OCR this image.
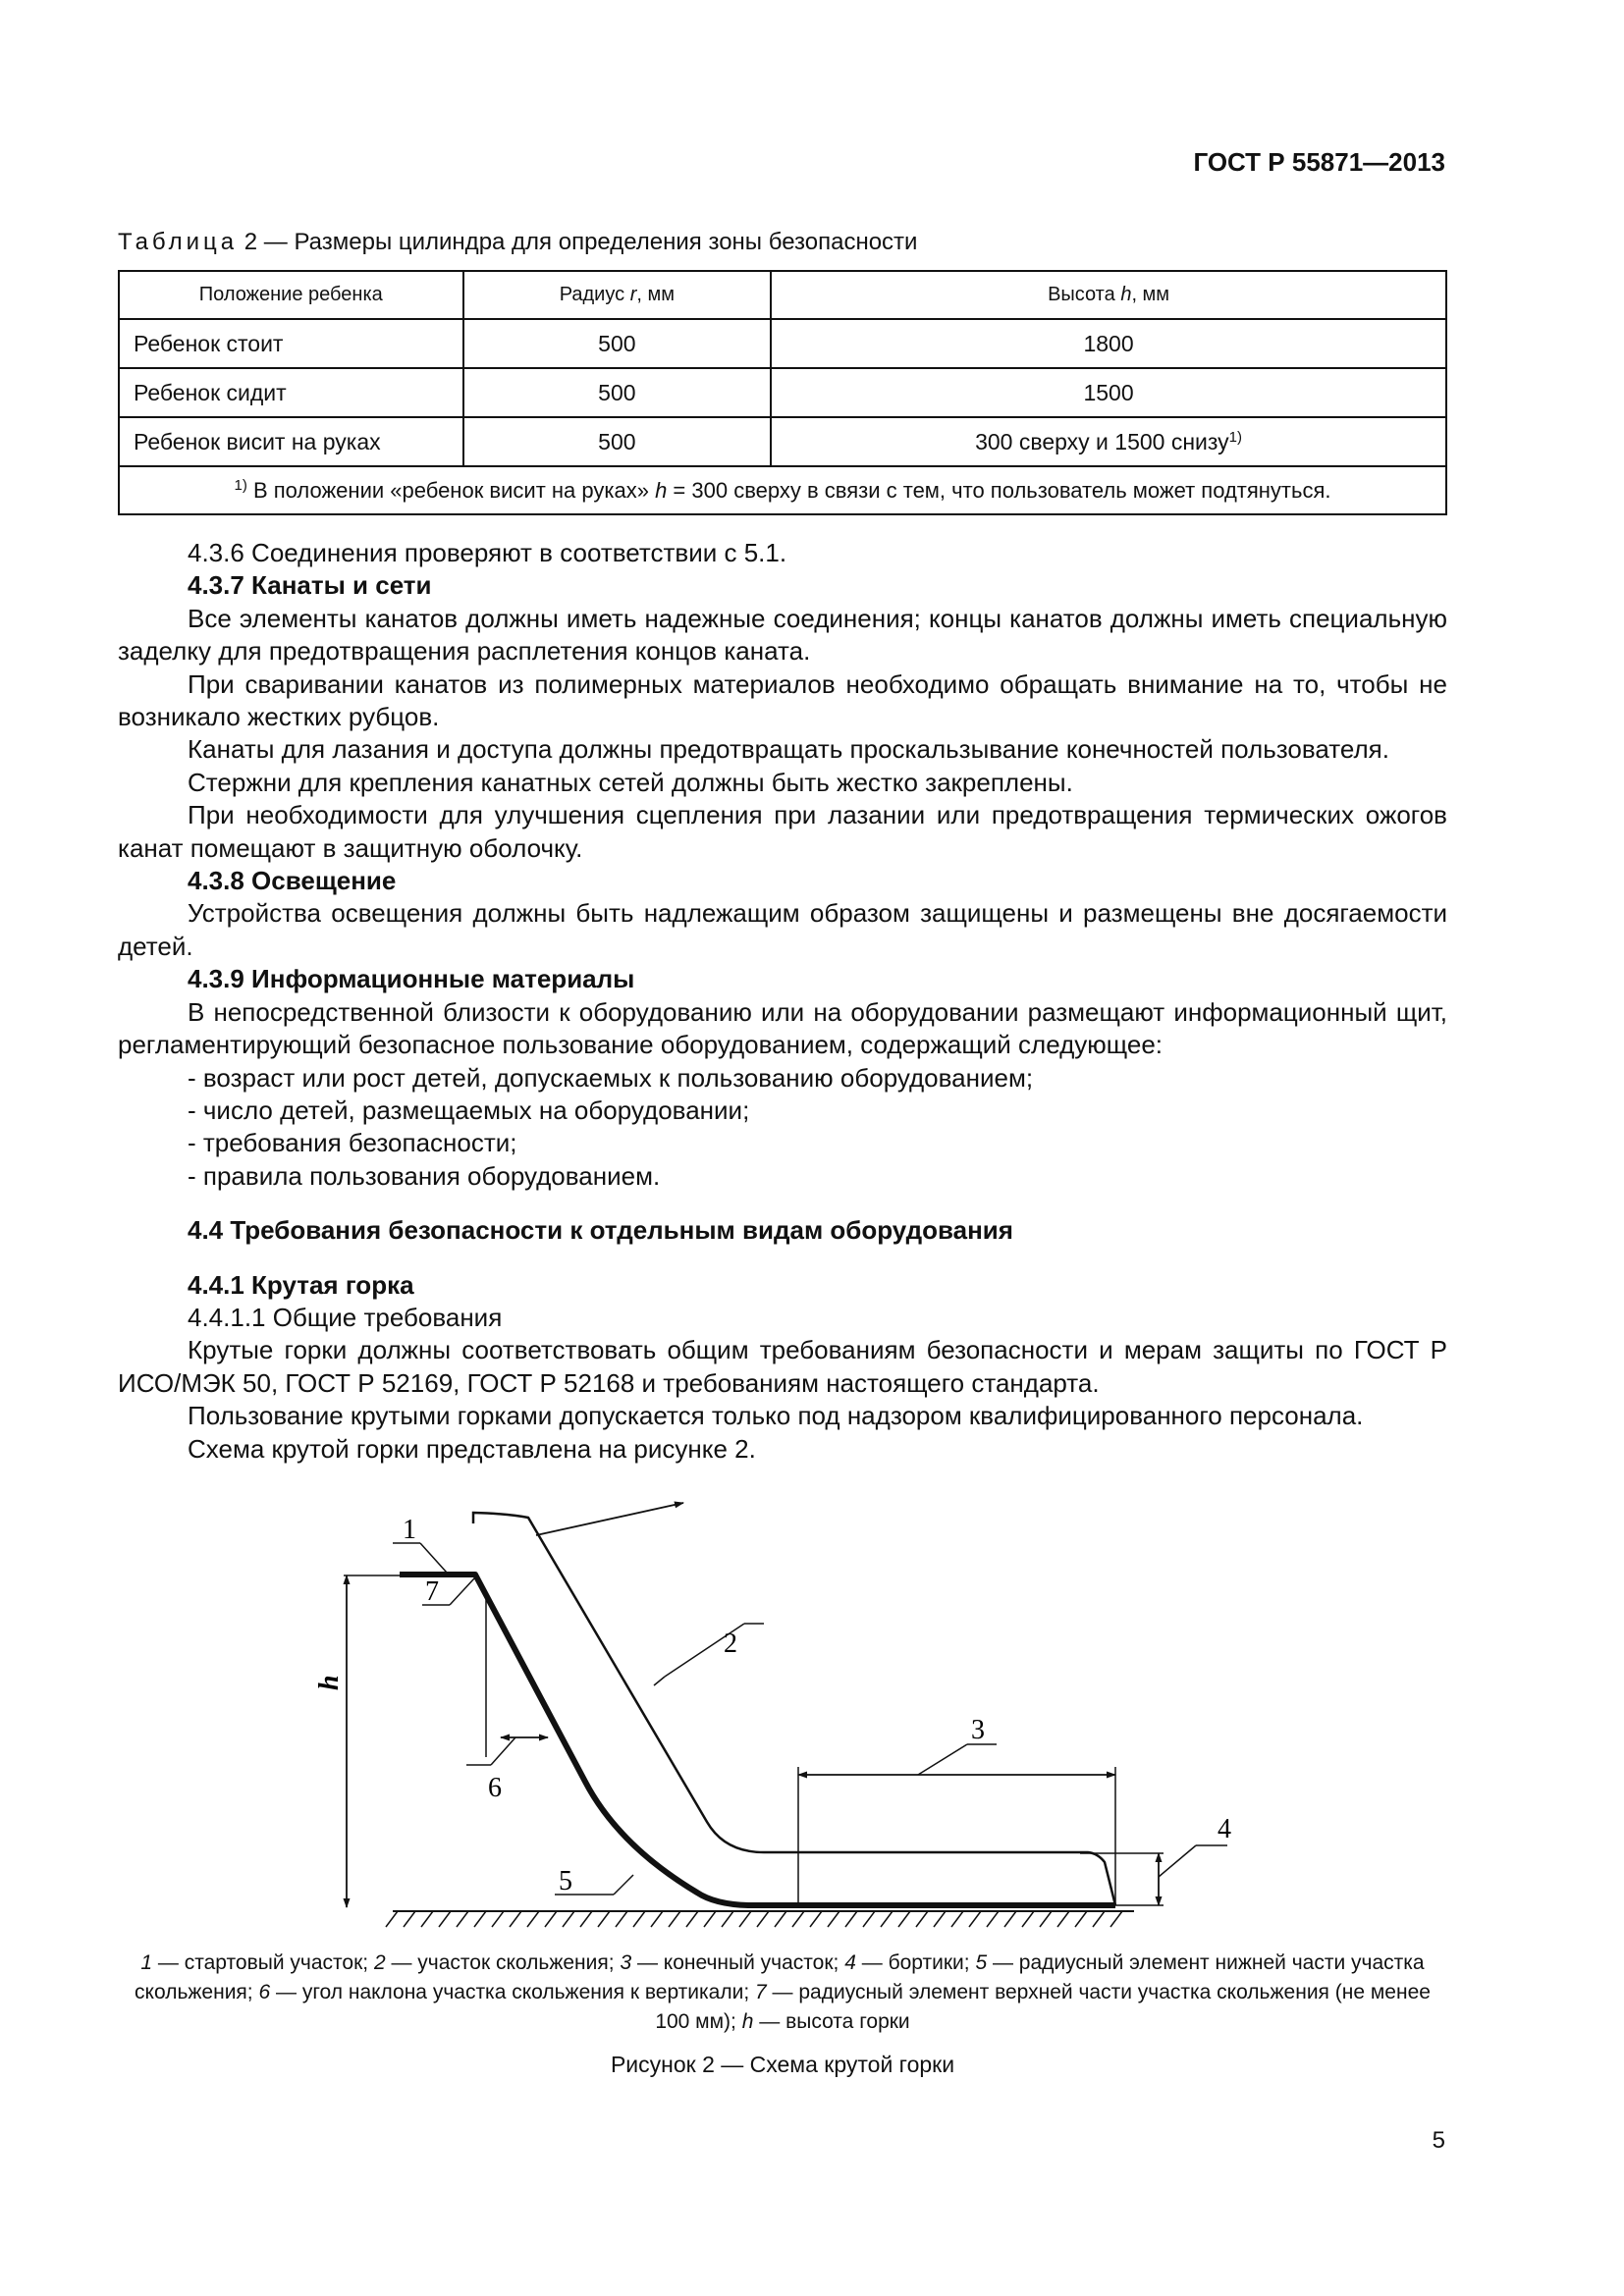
ГОСТ Р 55871—2013
Таблица 2 — Размеры цилиндра для определения зоны безопасности
Положение ребенка	Радиус r, мм	Высота h, мм
Ребенок стоит	500	1800
Ребенок сидит	500	1500
Ребенок висит на руках	500	300 сверху и 1500 снизу$^{1)}$
$^{1)}$ В положении «ребенок висит на руках» h = 300 сверху в связи с тем, что пользователь может подтянуться.		

4.3.6 Соединения проверяют в соответствии с 5.1.

4.3.7 Канаты и сети

Все элементы канатов должны иметь надежные соединения; концы канатов должны иметь специальную заделку для предотвращения расплетения концов каната.

При сваривании канатов из полимерных материалов необходимо обращать внимание на то, чтобы не возникало жестких рубцов.

Канаты для лазания и доступа должны предотвращать проскальзывание конечностей пользователя.

Стержни для крепления канатных сетей должны быть жестко закреплены.

При необходимости для улучшения сцепления при лазании или предотвращения термических ожогов канат помещают в защитную оболочку.

4.3.8 Освещение

Устройства освещения должны быть надлежащим образом защищены и размещены вне досягаемости детей.

4.3.9 Информационные материалы

В непосредственной близости к оборудованию или на оборудовании размещают информационный щит, регламентирующий безопасное пользование оборудованием, содержащий следующее:

- возраст или рост детей, допускаемых к пользованию оборудованием;

- число детей, размещаемых на оборудовании;

- требования безопасности;

- правила пользования оборудованием.

4.4 Требования безопасности к отдельным видам оборудования

4.4.1 Крутая горка

4.4.1.1 Общие требования

Крутые горки должны соответствовать общим требованиям безопасности и мерам защиты по ГОСТ Р ИСО/МЭК 50, ГОСТ Р 52169, ГОСТ Р 52168 и требованиям настоящего стандарта.

Пользование крутыми горками допускается только под надзором квалифицированного персонала.

Схема крутой горки представлена на рисунке 2.

1
2
3
4
5
6
7
h
1 — стартовый участок; 2 — участок скольжения; 3 — конечный участок; 4 — бортики; 5 — радиусный элемент нижней части участка скольжения; 6 — угол наклона участка скольжения к вертикали; 7 — радиусный элемент верхней части участка скольжения (не менее 100 мм); h — высота горки
Рисунок 2 — Схема крутой горки
5
